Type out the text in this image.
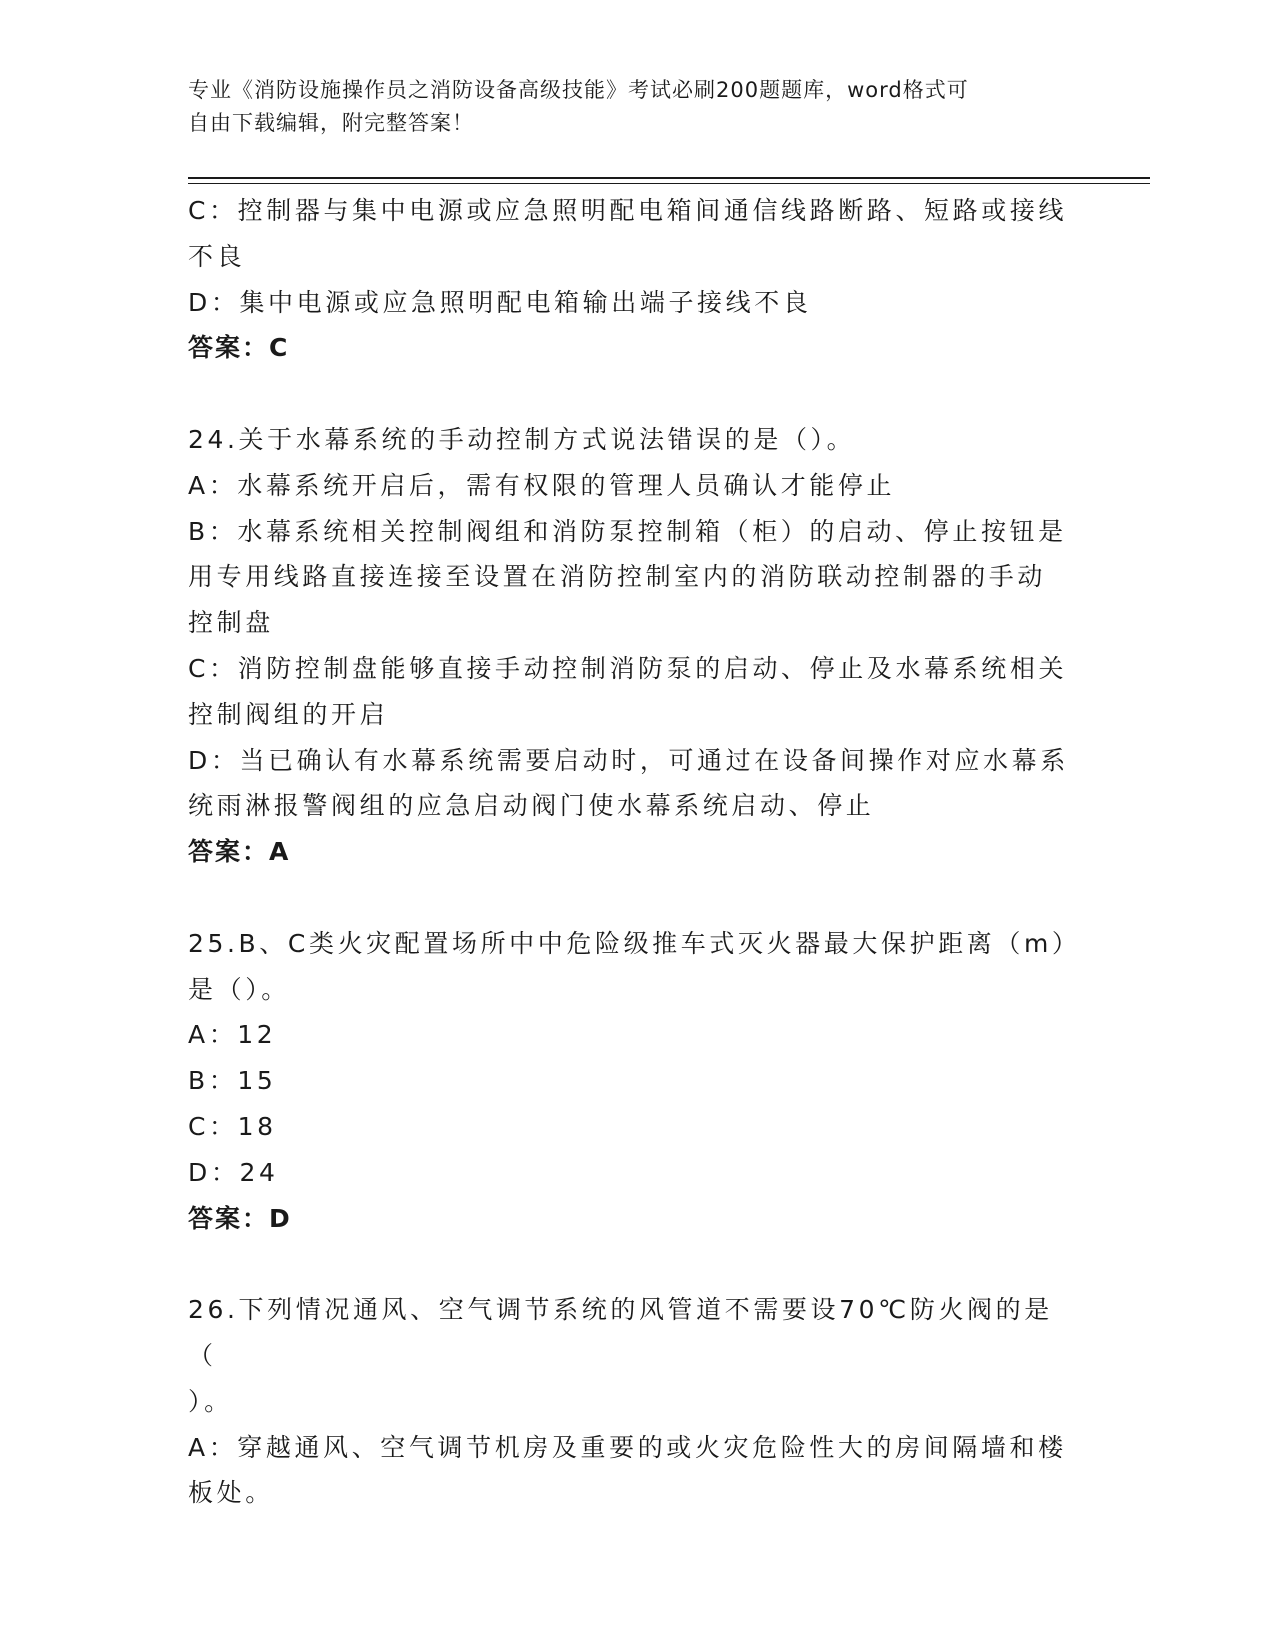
专业《消防设施操作员之消防设备高级技能》考试必刷200题题库，word格式可
自由下载编辑，附完整答案！
C：控制器与集中电源或应急照明配电箱间通信线路断路、短路或接线
不良
D：集中电源或应急照明配电箱输出端子接线不良
答案：C
24.关于水幕系统的手动控制方式说法错误的是（）。
A：水幕系统开启后，需有权限的管理人员确认才能停止
B：水幕系统相关控制阀组和消防泵控制箱（柜）的启动、停止按钮是
用专用线路直接连接至设置在消防控制室内的消防联动控制器的手动
控制盘
C：消防控制盘能够直接手动控制消防泵的启动、停止及水幕系统相关
控制阀组的开启
D：当已确认有水幕系统需要启动时，可通过在设备间操作对应水幕系
统雨淋报警阀组的应急启动阀门使水幕系统启动、停止
答案：A
25.B、C类火灾配置场所中中危险级推车式灭火器最大保护距离（m）
是（）。
A：12
B：15
C：18
D：24
答案：D
26.下列情况通风、空气调节系统的风管道不需要设70℃防火阀的是（
）。
A：穿越通风、空气调节机房及重要的或火灾危险性大的房间隔墙和楼
板处。
